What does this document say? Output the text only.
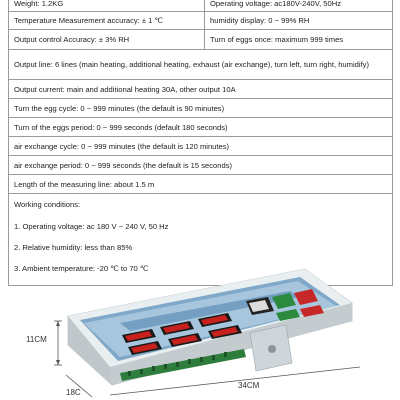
Weight: 1.2KG	Operating voltage: ac180V-240V, 50Hz
Temperature Measurement accuracy: ± 1 ℃	humidity display: 0 ~ 99% RH
Output control Accuracy: ± 3% RH	Turn of eggs once: maximum 999 times
Output line: 6 lines (main heating, additional heating, exhaust (air exchange), turn left, turn right, humidify)	
Output current: main and additional heating 30A, other output 10A	
Turn the egg cycle: 0 ~ 999 minutes (the default is 90 minutes)	
Turn of the eggs period: 0 ~ 999 seconds (default 180 seconds)	
air exchange cycle: 0 ~ 999 minutes (the default is 120 minutes)	
air exchange period: 0 ~ 999 seconds (the default is 15 seconds)	
Length of the measuring line: about 1.5 m	

Working conditions:
1. Operating voltage: ac 180 V ~ 240 V, 50 Hz
2. Relative humidity: less than 85%
3. Ambient temperature: -20 ℃ to 70 ℃	
11CM
18C
34CM
